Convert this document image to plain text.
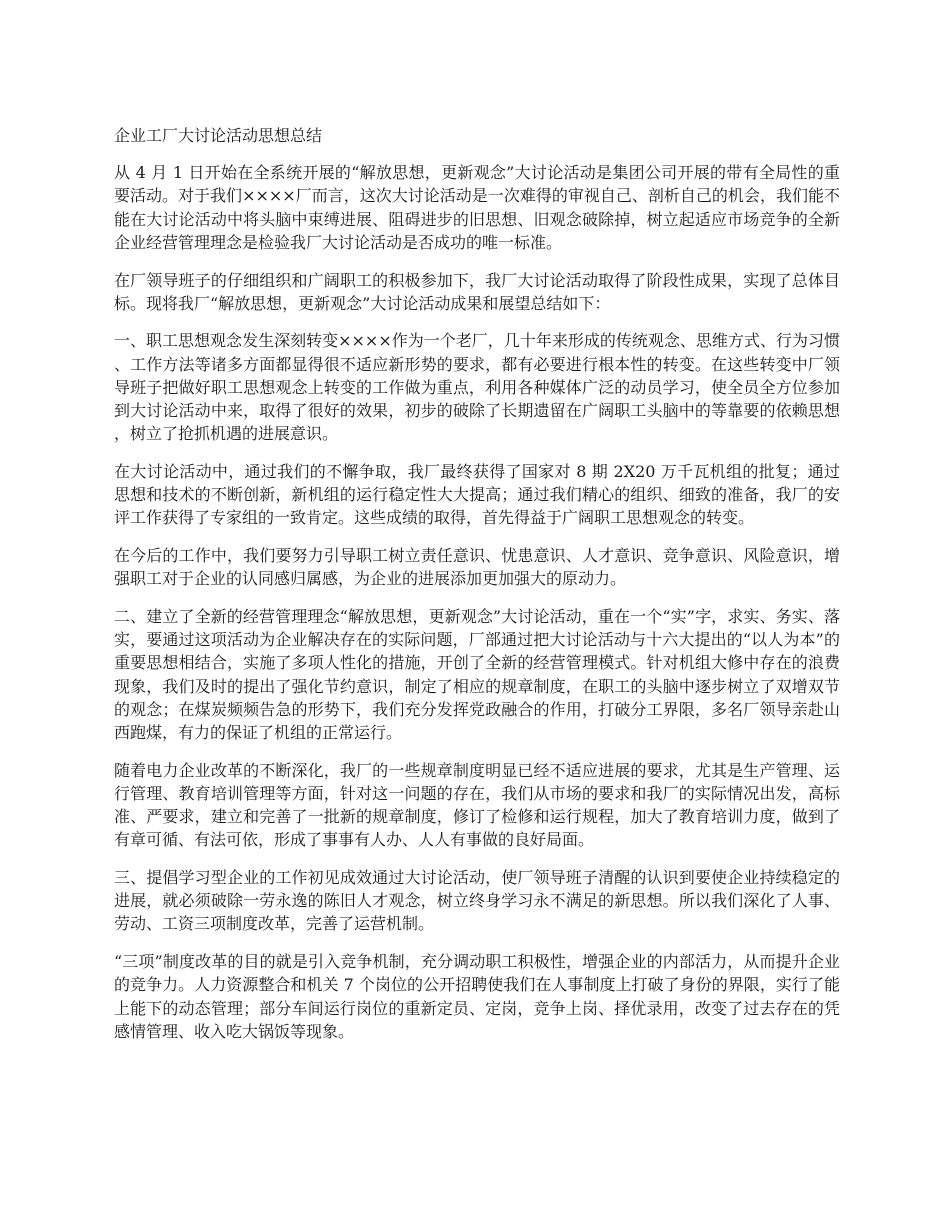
企业工厂大讨论活动思想总结

从 4 月 1 日开始在全系统开展的“解放思想，更新观念”大讨论活动是集团公司开展的带有全局性的重要活动。对于我们××××厂而言，这次大讨论活动是一次难得的审视自己、剖析自己的机会，我们能不能在大讨论活动中将头脑中束缚进展、阻碍进步的旧思想、旧观念破除掉，树立起适应市场竞争的全新企业经营管理理念是检验我厂大讨论活动是否成功的唯一标准。

在厂领导班子的仔细组织和广阔职工的积极参加下，我厂大讨论活动取得了阶段性成果，实现了总体目标。现将我厂“解放思想，更新观念”大讨论活动成果和展望总结如下：

一、职工思想观念发生深刻转变××××作为一个老厂，几十年来形成的传统观念、思维方式、行为习惯、工作方法等诸多方面都显得很不适应新形势的要求，都有必要进行根本性的转变。在这些转变中厂领导班子把做好职工思想观念上转变的工作做为重点，利用各种媒体广泛的动员学习，使全员全方位参加到大讨论活动中来，取得了很好的效果，初步的破除了长期遗留在广阔职工头脑中的等靠要的依赖思想，树立了抢抓机遇的进展意识。

在大讨论活动中，通过我们的不懈争取，我厂最终获得了国家对 8 期 2X20 万千瓦机组的批复；通过思想和技术的不断创新，新机组的运行稳定性大大提高；通过我们精心的组织、细致的准备，我厂的安评工作获得了专家组的一致肯定。这些成绩的取得，首先得益于广阔职工思想观念的转变。

在今后的工作中，我们要努力引导职工树立责任意识、忧患意识、人才意识、竞争意识、风险意识，增强职工对于企业的认同感归属感，为企业的进展添加更加强大的原动力。

二、建立了全新的经营管理理念“解放思想，更新观念”大讨论活动，重在一个“实”字，求实、务实、落实，要通过这项活动为企业解决存在的实际问题，厂部通过把大讨论活动与十六大提出的“以人为本”的重要思想相结合，实施了多项人性化的措施，开创了全新的经营管理模式。针对机组大修中存在的浪费现象，我们及时的提出了强化节约意识，制定了相应的规章制度，在职工的头脑中逐步树立了双增双节的观念；在煤炭频频告急的形势下，我们充分发挥党政融合的作用，打破分工界限，多名厂领导亲赴山西跑煤，有力的保证了机组的正常运行。

随着电力企业改革的不断深化，我厂的一些规章制度明显已经不适应进展的要求，尤其是生产管理、运行管理、教育培训管理等方面，针对这一问题的存在，我们从市场的要求和我厂的实际情况出发，高标准、严要求，建立和完善了一批新的规章制度，修订了检修和运行规程，加大了教育培训力度，做到了有章可循、有法可依，形成了事事有人办、人人有事做的良好局面。

三、提倡学习型企业的工作初见成效通过大讨论活动，使厂领导班子清醒的认识到要使企业持续稳定的进展，就必须破除一劳永逸的陈旧人才观念，树立终身学习永不满足的新思想。所以我们深化了人事、劳动、工资三项制度改革，完善了运营机制。

“三项”制度改革的目的就是引入竞争机制，充分调动职工积极性，增强企业的内部活力，从而提升企业的竞争力。人力资源整合和机关 7 个岗位的公开招聘使我们在人事制度上打破了身份的界限，实行了能上能下的动态管理；部分车间运行岗位的重新定员、定岗，竞争上岗、择优录用，改变了过去存在的凭感情管理、收入吃大锅饭等现象。
